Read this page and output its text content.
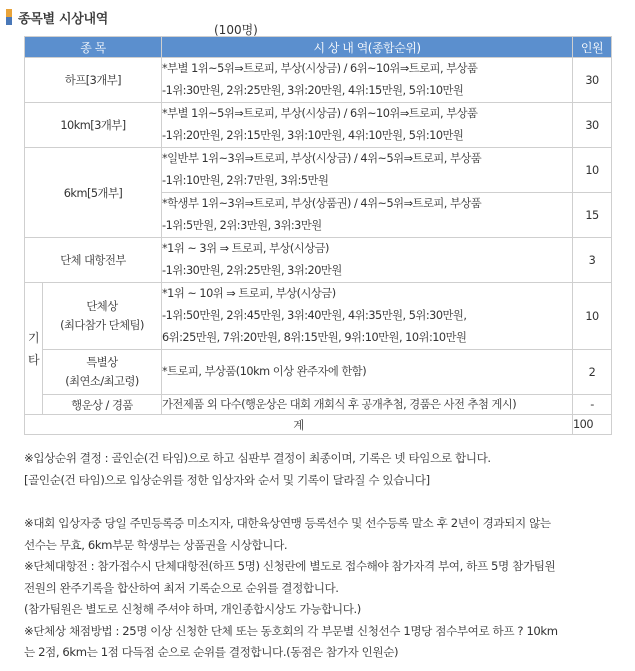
종목별 시상내역
(100명)
종 목		시 상 내 역(종합순위)	인원
하프[3개부]		*부별 1위~5위⇒트로피, 부상(시상금) / 6위~10위⇒트로피, 부상품
-1위:30만원, 2위:25만원, 3위:20만원, 4위:15만원, 5위:10만원	30
10km[3개부]		*부별 1위~5위⇒트로피, 부상(시상금) / 6위~10위⇒트로피, 부상품
-1위:20만원, 2위:15만원, 3위:10만원, 4위:10만원, 5위:10만원	30
6km[5개부]		*일반부 1위~3위⇒트로피, 부상(시상금) / 4위~5위⇒트로피, 부상품
-1위:10만원, 2위:7만원, 3위:5만원	10

		*학생부 1위~3위⇒트로피, 부상(상품권) / 4위~5위⇒트로피, 부상품
-1위:5만원, 2위:3만원, 3위:3만원	15
단체 대항전부		*1위 ~ 3위 ⇒ 트로피, 부상(시상금)
-1위:30만원, 2위:25만원, 3위:20만원	3
기
타	단체상
(최다참가 단체팀)	*1위 ~ 10위 ⇒ 트로피, 부상(시상금)
-1위:50만원, 2위:45만원, 3위:40만원, 4위:35만원, 5위:30만원,
6위:25만원, 7위:20만원, 8위:15만원, 9위:10만원, 10위:10만원	10

	특별상
(최연소/최고령)	*트로피, 부상품(10km 이상 완주자에 한함)	2
	행운상 / 경품	가전제품 외 다수(행운상은 대회 개회식 후 공개추첨, 경품은 사전 추첨 게시)	-
계			100
※입상순위 결정 : 골인순(건 타임)으로 하고 심판부 결정이 최종이며, 기록은 넷 타임으로 합니다.
[골인순(건 타임)으로 입상순위를 정한 입상자와 순서 및 기록이 달라질 수 있습니다]
※대회 입상자중 당일 주민등록증 미소지자, 대한육상연맹 등록선수 및 선수등록 말소 후 2년이 경과되지 않는
선수는 무효, 6km부문 학생부는 상품권을 시상합니다.
※단체대항전 : 참가접수시 단체대항전(하프 5명) 신청란에 별도로 접수해야 참가자격 부여, 하프 5명 참가팀원
전원의 완주기록을 합산하여 최저 기록순으로 순위를 결정합니다.
(참가팀원은 별도로 신청해 주셔야 하며, 개인종합시상도 가능합니다.)
※단체상 채점방법 : 25명 이상 신청한 단체 또는 동호회의 각 부문별 신청선수 1명당 점수부여로 하프 ? 10km
는 2점, 6km는 1점 다득점 순으로 순위를 결정합니다.(동점은 참가자 인원순)
